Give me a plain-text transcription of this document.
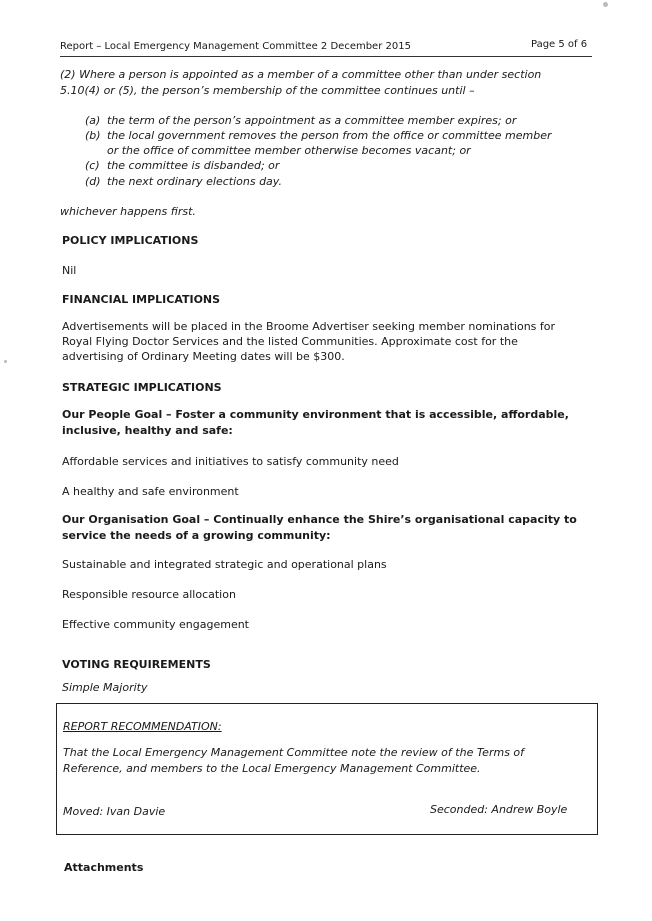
Report – Local Emergency Management Committee 2 December 2015	Page 5 of 6
(2) Where a person is appointed as a member of a committee other than under section
5.10(4) or (5), the person’s membership of the committee continues until –
(a) the term of the person’s appointment as a committee member expires; or
(b) the local government removes the person from the office or committee member
or the office of committee member otherwise becomes vacant; or
(c) the committee is disbanded; or
(d) the next ordinary elections day.
whichever happens first.
POLICY IMPLICATIONS
Nil
FINANCIAL IMPLICATIONS
Advertisements will be placed in the Broome Advertiser seeking member nominations for
Royal Flying Doctor Services and the listed Communities. Approximate cost for the
advertising of Ordinary Meeting dates will be $300.
STRATEGIC IMPLICATIONS
Our People Goal – Foster a community environment that is accessible, affordable,
inclusive, healthy and safe:
Affordable services and initiatives to satisfy community need
A healthy and safe environment
Our Organisation Goal – Continually enhance the Shire’s organisational capacity to
service the needs of a growing community:
Sustainable and integrated strategic and operational plans
Responsible resource allocation
Effective community engagement
VOTING REQUIREMENTS
Simple Majority
REPORT RECOMMENDATION:
That the Local Emergency Management Committee note the review of the Terms of
Reference, and members to the Local Emergency Management Committee.
Moved: Ivan Davie	Seconded: Andrew Boyle
Attachments
